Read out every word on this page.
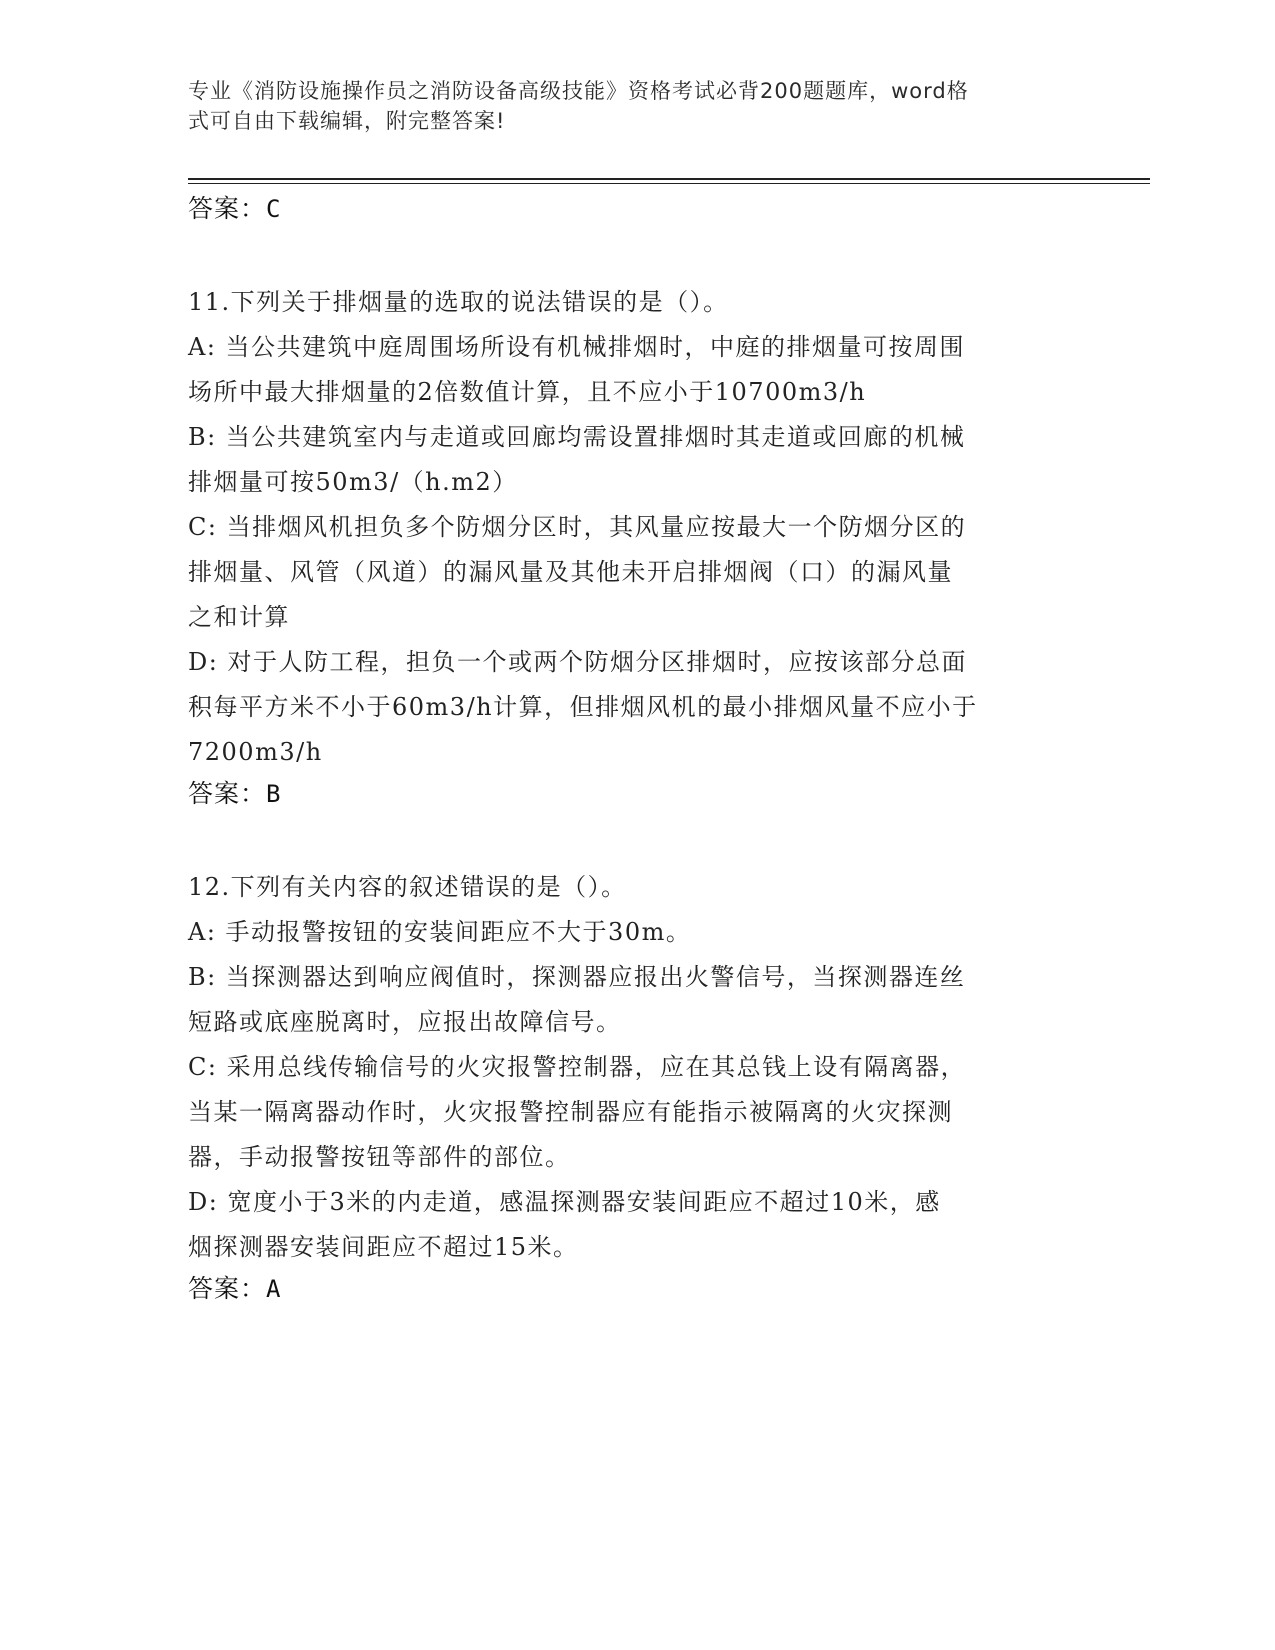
专业《消防设施操作员之消防设备高级技能》资格考试必背200题题库，word格
式可自由下载编辑，附完整答案!
答案：C

11.下列关于排烟量的选取的说法错误的是（）。

A: 当公共建筑中庭周围场所设有机械排烟时，中庭的排烟量可按周围

场所中最大排烟量的2倍数值计算，且不应小于10700m3/h

B: 当公共建筑室内与走道或回廊均需设置排烟时其走道或回廊的机械

排烟量可按50m3/（h.m2）

C: 当排烟风机担负多个防烟分区时，其风量应按最大一个防烟分区的

排烟量、风管（风道）的漏风量及其他未开启排烟阀（口）的漏风量

之和计算

D: 对于人防工程，担负一个或两个防烟分区排烟时，应按该部分总面

积每平方米不小于60m3/h计算，但排烟风机的最小排烟风量不应小于

7200m3/h

答案：B

12.下列有关内容的叙述错误的是（）。

A: 手动报警按钮的安装间距应不大于30m。

B: 当探测器达到响应阀值时，探测器应报出火警信号，当探测器连丝

短路或底座脱离时，应报出故障信号。

C: 采用总线传输信号的火灾报警控制器，应在其总钱上设有隔离器，

当某一隔离器动作时，火灾报警控制器应有能指示被隔离的火灾探测

器，手动报警按钮等部件的部位。

D: 宽度小于3米的内走道，感温探测器安装间距应不超过10米，感

烟探测器安装间距应不超过15米。

答案：A
